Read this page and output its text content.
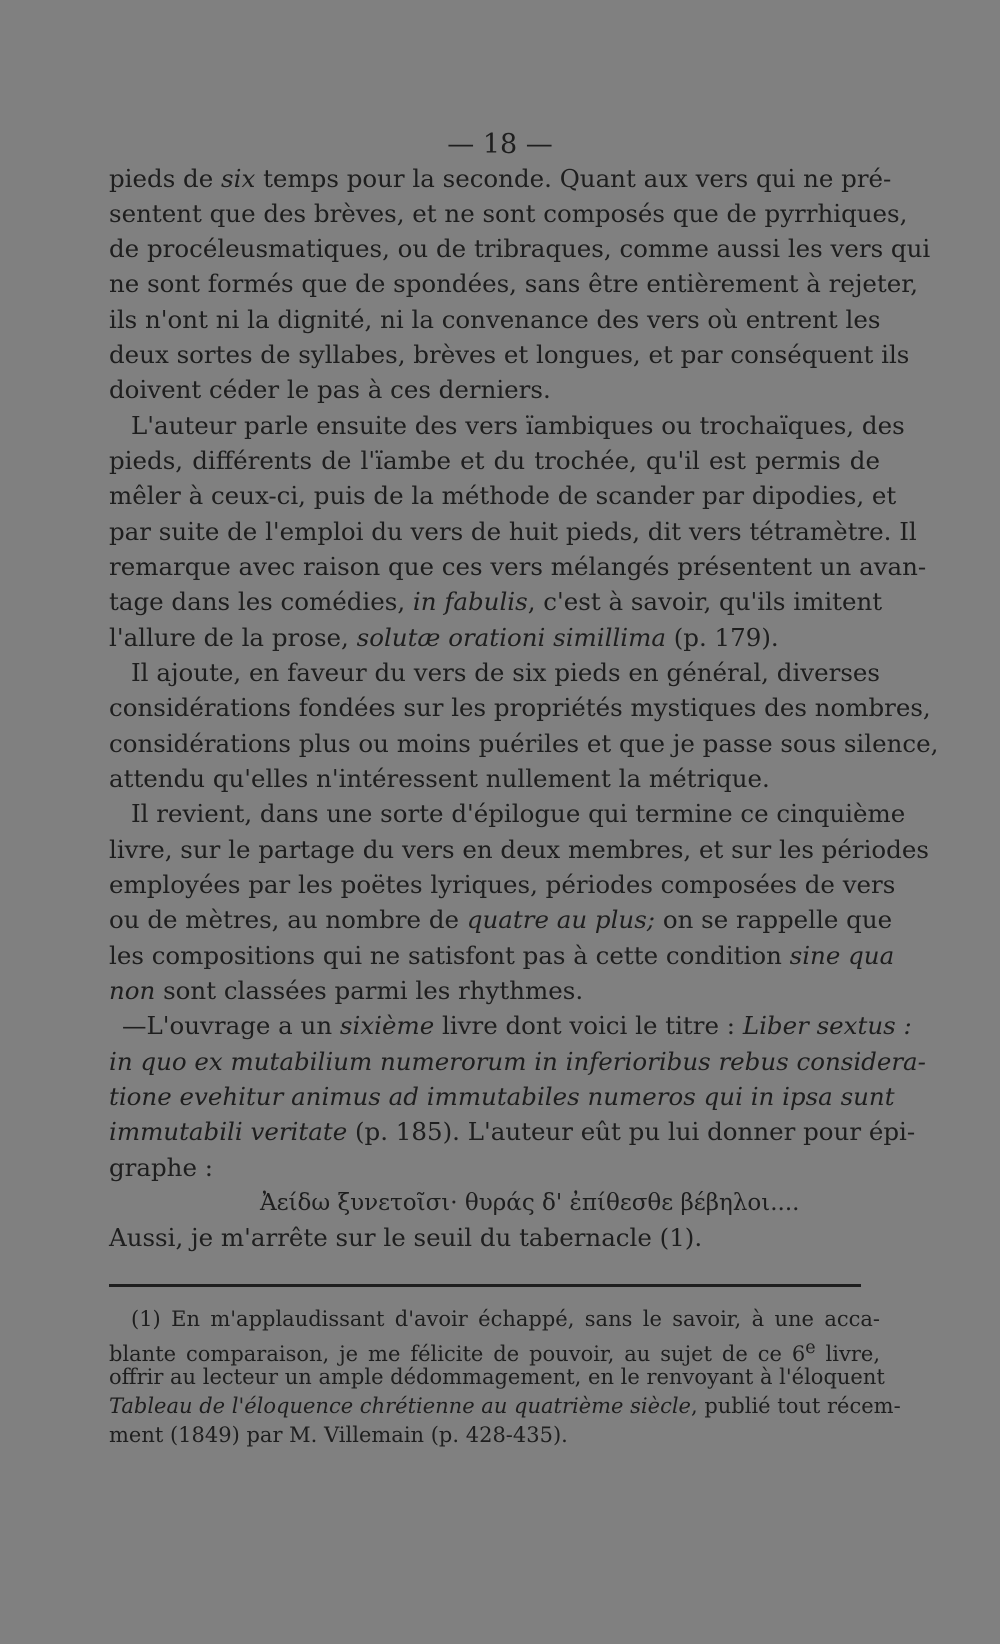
— 18 —
pieds de six temps pour la seconde. Quant aux vers qui ne pré-
sentent que des brèves, et ne sont composés que de pyrrhiques,
de procéleusmatiques, ou de tribraques, comme aussi les vers qui
ne sont formés que de spondées, sans être entièrement à rejeter,
ils n'ont ni la dignité, ni la convenance des vers où entrent les
deux sortes de syllabes, brèves et longues, et par conséquent ils
doivent céder le pas à ces derniers.
L'auteur parle ensuite des vers ïambiques ou trochaïques, des
pieds, différents de l'ïambe et du trochée, qu'il est permis de
mêler à ceux-ci, puis de la méthode de scander par dipodies, et
par suite de l'emploi du vers de huit pieds, dit vers tétramètre. Il
remarque avec raison que ces vers mélangés présentent un avan-
tage dans les comédies, in fabulis, c'est à savoir, qu'ils imitent
l'allure de la prose, solutæ orationi simillima (p. 179).
Il ajoute, en faveur du vers de six pieds en général, diverses
considérations fondées sur les propriétés mystiques des nombres,
considérations plus ou moins puériles et que je passe sous silence,
attendu qu'elles n'intéressent nullement la métrique.
Il revient, dans une sorte d'épilogue qui termine ce cinquième
livre, sur le partage du vers en deux membres, et sur les périodes
employées par les poëtes lyriques, périodes composées de vers
ou de mètres, au nombre de quatre au plus; on se rappelle que
les compositions qui ne satisfont pas à cette condition sine qua
non sont classées parmi les rhythmes.
—L'ouvrage a un sixième livre dont voici le titre : Liber sextus :
in quo ex mutabilium numerorum in inferioribus rebus considera-
tione evehitur animus ad immutabiles numeros qui in ipsa sunt
immutabili veritate (p. 185). L'auteur eût pu lui donner pour épi-
graphe :
Ἀείδω ξυνετοῖσι· θυράς δ' ἐπίθεσθε βέβηλοι....
Aussi, je m'arrête sur le seuil du tabernacle (1).
(1) En m'applaudissant d'avoir échappé, sans le savoir, à une acca-
blante comparaison, je me félicite de pouvoir, au sujet de ce 6e livre,
offrir au lecteur un ample dédommagement, en le renvoyant à l'éloquent
Tableau de l'éloquence chrétienne au quatrième siècle, publié tout récem-
ment (1849) par M. Villemain (p. 428-435).
